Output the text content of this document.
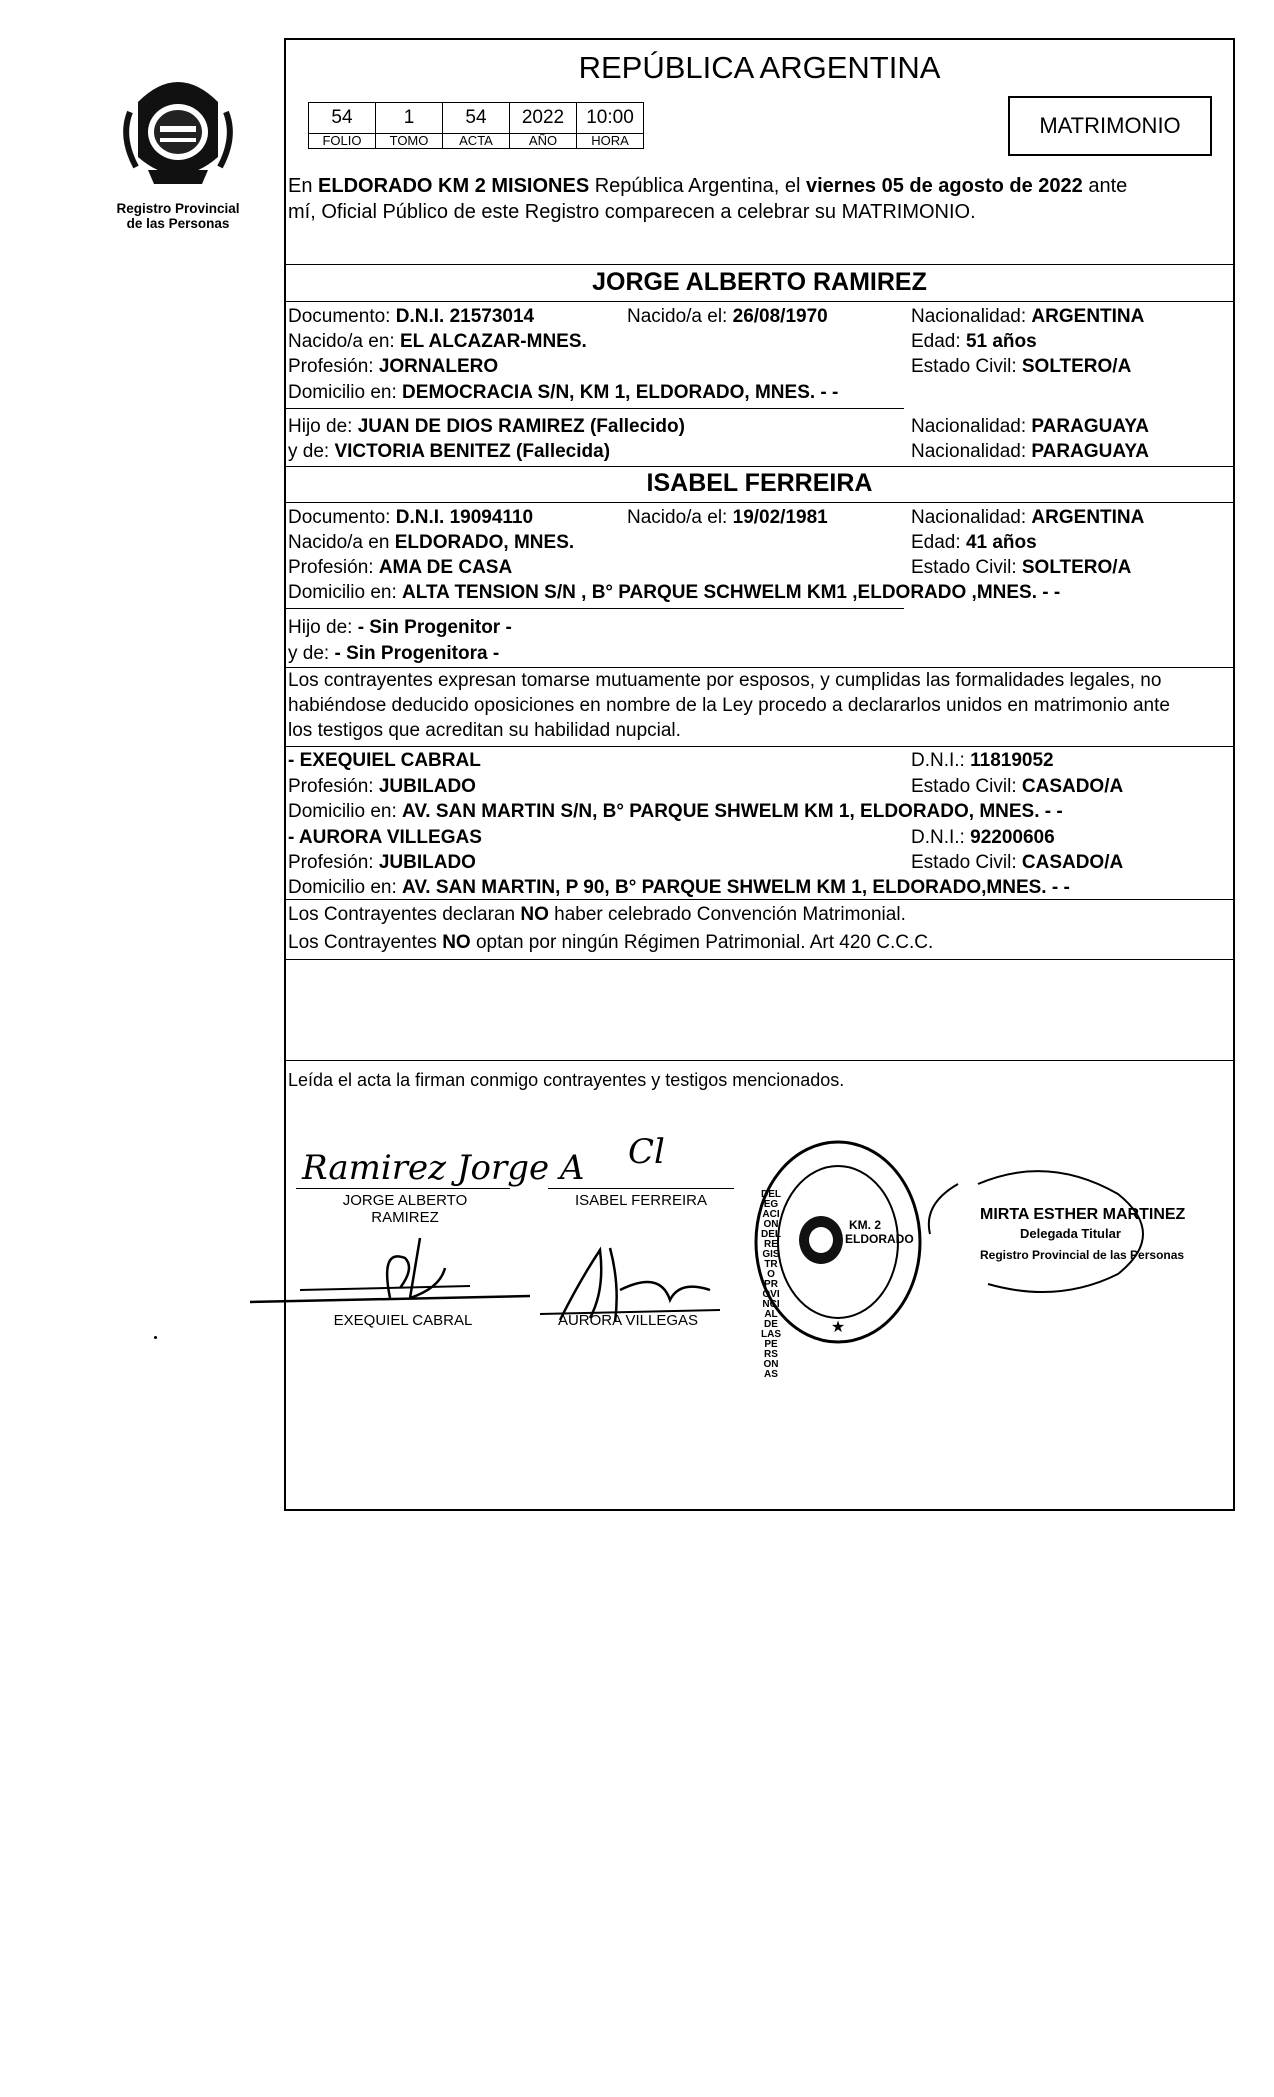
Registro Provincial
de las Personas
REPÚBLICA ARGENTINA
54	1	54	2022	10:00
FOLIO	TOMO	ACTA	AÑO	HORA
MATRIMONIO
En ELDORADO KM 2 MISIONES República Argentina, el viernes 05 de agosto de 2022 ante
mí, Oficial Público de este Registro comparecen a celebrar su MATRIMONIO.
JORGE ALBERTO RAMIREZ
Documento: D.N.I. 21573014	Nacido/a el: 26/08/1970	Nacionalidad: ARGENTINA
Nacido/a en: EL ALCAZAR-MNES.	Edad: 51 años
Profesión: JORNALERO	Estado Civil: SOLTERO/A
Domicilio en: DEMOCRACIA S/N, KM 1, ELDORADO, MNES. - -
Hijo de: JUAN DE DIOS RAMIREZ (Fallecido)	Nacionalidad: PARAGUAYA
y de: VICTORIA BENITEZ (Fallecida)	Nacionalidad: PARAGUAYA
ISABEL FERREIRA
Documento: D.N.I. 19094110	Nacido/a el: 19/02/1981	Nacionalidad: ARGENTINA
Nacido/a en ELDORADO, MNES.	Edad: 41 años
Profesión: AMA DE CASA	Estado Civil: SOLTERO/A
Domicilio en: ALTA TENSION S/N , B° PARQUE SCHWELM KM1 ,ELDORADO ,MNES. - -
Hijo de: - Sin Progenitor -
y de: - Sin Progenitora -
Los contrayentes expresan tomarse mutuamente por esposos, y cumplidas las formalidades legales, no
habiéndose deducido oposiciones en nombre de la Ley procedo a declararlos unidos en matrimonio ante
los testigos que acreditan su habilidad nupcial.
- EXEQUIEL CABRAL	D.N.I.: 11819052
Profesión: JUBILADO	Estado Civil: CASADO/A
Domicilio en: AV. SAN MARTIN S/N, B° PARQUE SHWELM KM 1, ELDORADO, MNES. - -
- AURORA VILLEGAS	D.N.I.: 92200606
Profesión: JUBILADO	Estado Civil: CASADO/A
Domicilio en: AV. SAN MARTIN, P 90, B° PARQUE SHWELM KM 1, ELDORADO,MNES. - -
Los Contrayentes declaran NO haber celebrado Convención Matrimonial.
Los Contrayentes NO optan por ningún Régimen Patrimonial. Art 420 C.C.C.
Leída el acta la firman conmigo contrayentes y testigos mencionados.
Ramirez Jorge A
JORGE ALBERTO
RAMIREZ
Cl
ISABEL FERREIRA
EXEQUIEL CABRAL	AURORA VILLEGAS	★
DELEGACION DEL REGISTRO PROVINCIAL DE LAS PERSONAS
KM. 2 ELDORADO
MIRTA ESTHER MARTINEZ
Delegada Titular
Registro Provincial de las Personas
